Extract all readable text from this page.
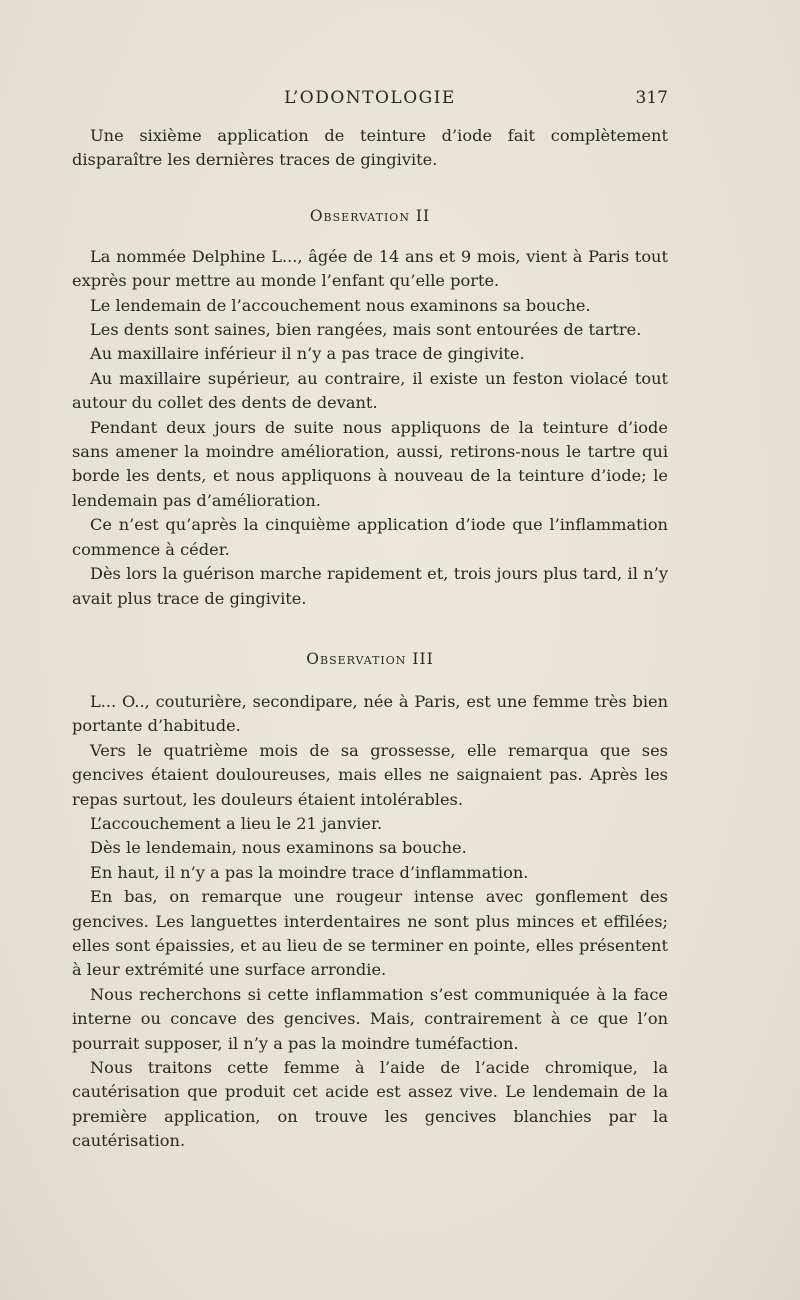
L’ODONTOLOGIE	317

Une sixième application de teinture d’iode fait complètement disparaître les dernières traces de gingivite.

Observation II

La nommée Delphine L..., âgée de 14 ans et 9 mois, vient à Paris tout exprès pour mettre au monde l’enfant qu’elle porte.

Le lendemain de l’accouchement nous examinons sa bouche.

Les dents sont saines, bien rangées, mais sont entourées de tartre.

Au maxillaire inférieur il n’y a pas trace de gingivite.

Au maxillaire supérieur, au contraire, il existe un feston violacé tout autour du collet des dents de devant.

Pendant deux jours de suite nous appliquons de la teinture d’iode sans amener la moindre amélioration, aussi, retirons-nous le tartre qui borde les dents, et nous appliquons à nouveau de la teinture d’iode; le lendemain pas d’amélioration.

Ce n’est qu’après la cinquième application d’iode que l’inflammation commence à céder.

Dès lors la guérison marche rapidement et, trois jours plus tard, il n’y avait plus trace de gingivite.

Observation III

L... O.., couturière, secondipare, née à Paris, est une femme très bien portante d’habitude.

Vers le quatrième mois de sa grossesse, elle remarqua que ses gencives étaient douloureuses, mais elles ne saignaient pas. Après les repas surtout, les douleurs étaient intolérables.

L’accouchement a lieu le 21 janvier.

Dès le lendemain, nous examinons sa bouche.

En haut, il n’y a pas la moindre trace d’inflammation.

En bas, on remarque une rougeur intense avec gonflement des gencives. Les languettes interdentaires ne sont plus minces et effilées; elles sont épaissies, et au lieu de se terminer en pointe, elles présentent à leur extrémité une surface arrondie.

Nous recherchons si cette inflammation s’est communiquée à la face interne ou concave des gencives. Mais, contrairement à ce que l’on pourrait supposer, il n’y a pas la moindre tuméfaction.

Nous traitons cette femme à l’aide de l’acide chromique, la cautérisation que produit cet acide est assez vive. Le lendemain de la première application, on trouve les gencives blanchies par la cautérisation.
